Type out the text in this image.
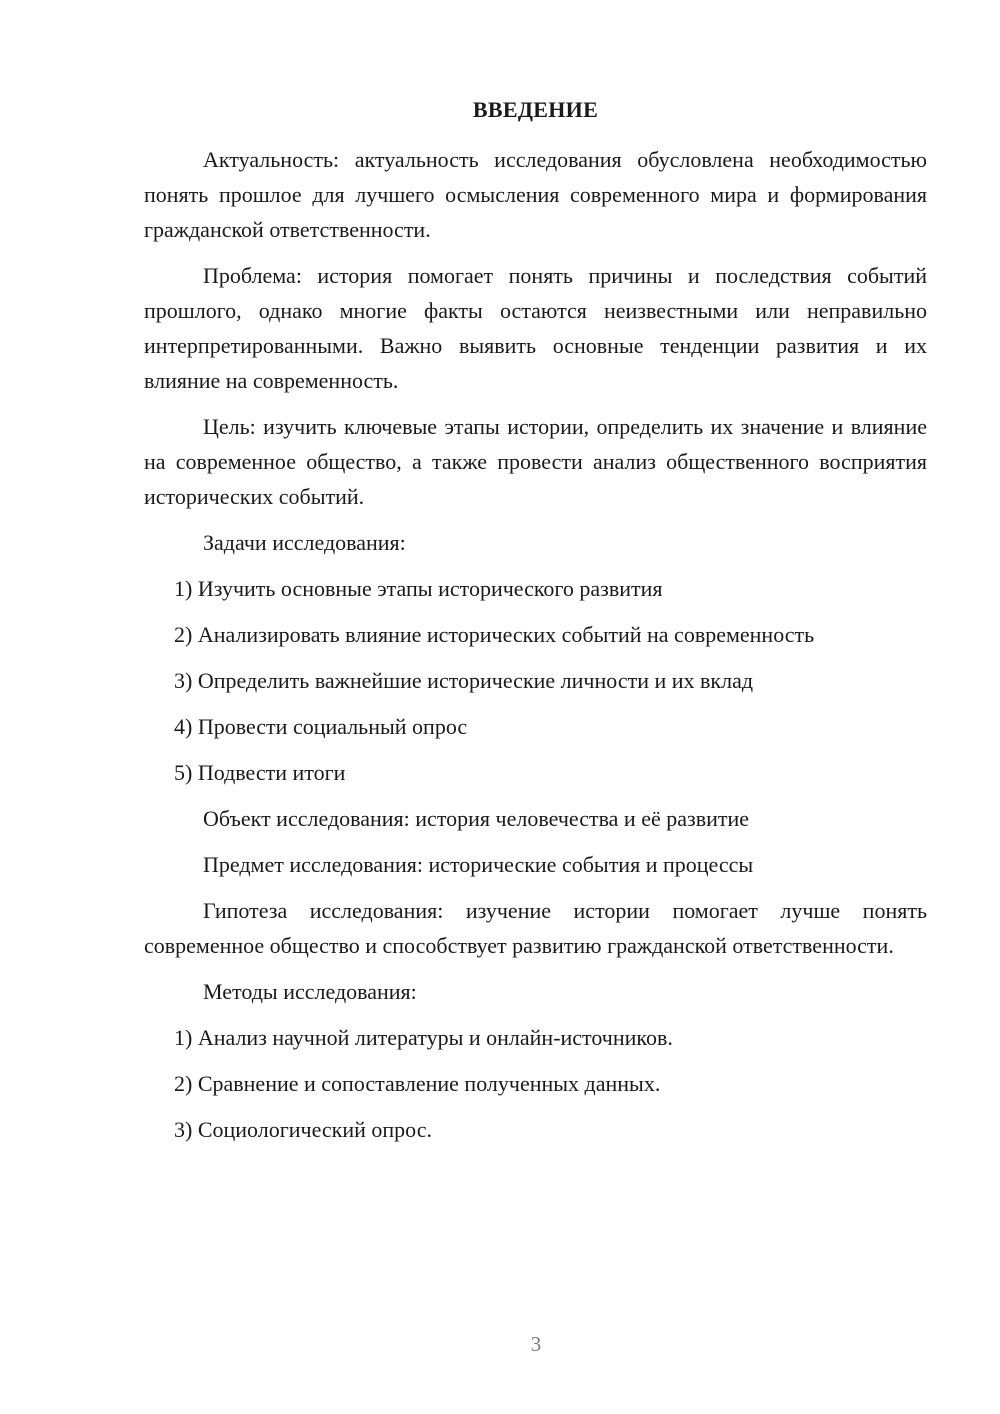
ВВЕДЕНИЕ

Актуальность: актуальность исследования обусловлена необходимостью понять прошлое для лучшего осмысления современного мира и формирования гражданской ответственности.

Проблема: история помогает понять причины и последствия событий прошлого, однако многие факты остаются неизвестными или неправильно интерпретированными. Важно выявить основные тенденции развития и их влияние на современность.

Цель: изучить ключевые этапы истории, определить их значение и влияние на современное общество, а также провести анализ общественного восприятия исторических событий.

Задачи исследования:

1) Изучить основные этапы исторического развития
2) Анализировать влияние исторических событий на современность
3) Определить важнейшие исторические личности и их вклад
4) Провести социальный опрос
5) Подвести итоги

Объект исследования: история человечества и её развитие

Предмет исследования: исторические события и процессы

Гипотеза исследования: изучение истории помогает лучше понять современное общество и способствует развитию гражданской ответственности.

Методы исследования:

1) Анализ научной литературы и онлайн-источников.
2) Сравнение и сопоставление полученных данных.
3) Социологический опрос.
3
